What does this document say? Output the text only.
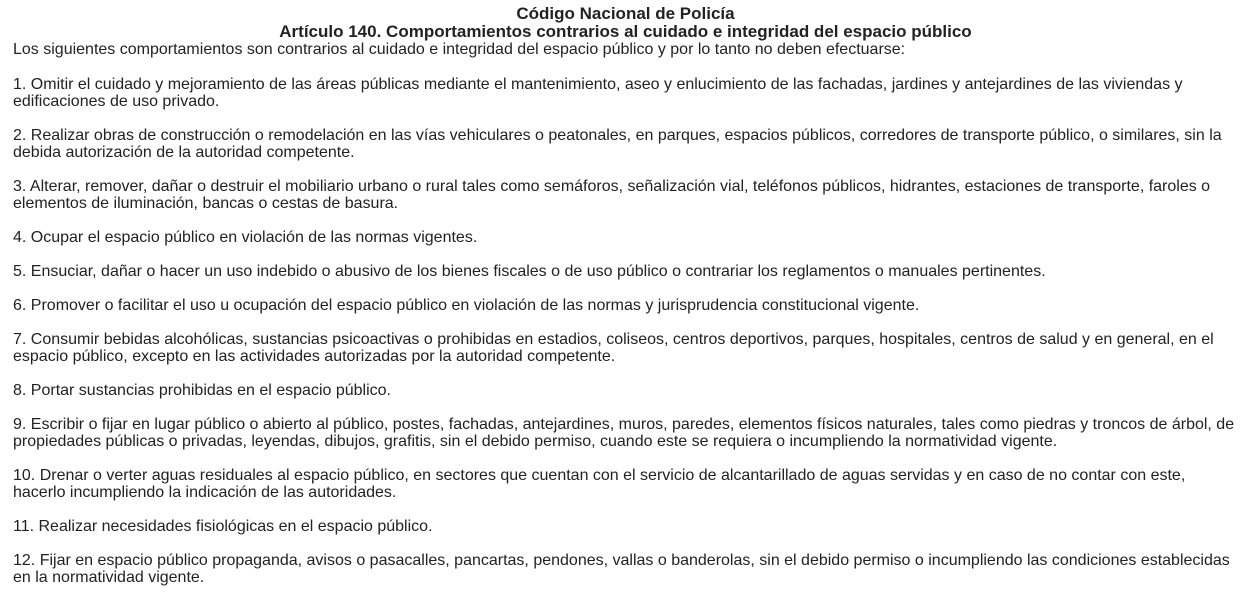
Código Nacional de Policía
Artículo 140. Comportamientos contrarios al cuidado e integridad del espacio público

Los siguientes comportamientos son contrarios al cuidado e integridad del espacio público y por lo tanto no deben efectuarse:

1. Omitir el cuidado y mejoramiento de las áreas públicas mediante el mantenimiento, aseo y enlucimiento de las fachadas, jardines y antejardines de las viviendas y edificaciones de uso privado.

2. Realizar obras de construcción o remodelación en las vías vehiculares o peatonales, en parques, espacios públicos, corredores de transporte público, o similares, sin la debida autorización de la autoridad competente.

3. Alterar, remover, dañar o destruir el mobiliario urbano o rural tales como semáforos, señalización vial, teléfonos públicos, hidrantes, estaciones de transporte, faroles o elementos de iluminación, bancas o cestas de basura.

4. Ocupar el espacio público en violación de las normas vigentes.

5. Ensuciar, dañar o hacer un uso indebido o abusivo de los bienes fiscales o de uso público o contrariar los reglamentos o manuales pertinentes.

6. Promover o facilitar el uso u ocupación del espacio público en violación de las normas y jurisprudencia constitucional vigente.

7. Consumir bebidas alcohólicas, sustancias psicoactivas o prohibidas en estadios, coliseos, centros deportivos, parques, hospitales, centros de salud y en general, en el espacio público, excepto en las actividades autorizadas por la autoridad competente.

8. Portar sustancias prohibidas en el espacio público.

9. Escribir o fijar en lugar público o abierto al público, postes, fachadas, antejardines, muros, paredes, elementos físicos naturales, tales como piedras y troncos de árbol, de propiedades públicas o privadas, leyendas, dibujos, grafitis, sin el debido permiso, cuando este se requiera o incumpliendo la normatividad vigente.

10. Drenar o verter aguas residuales al espacio público, en sectores que cuentan con el servicio de alcantarillado de aguas servidas y en caso de no contar con este, hacerlo incumpliendo la indicación de las autoridades.

11. Realizar necesidades fisiológicas en el espacio público.

12. Fijar en espacio público propaganda, avisos o pasacalles, pancartas, pendones, vallas o banderolas, sin el debido permiso o incumpliendo las condiciones establecidas en la normatividad vigente.
